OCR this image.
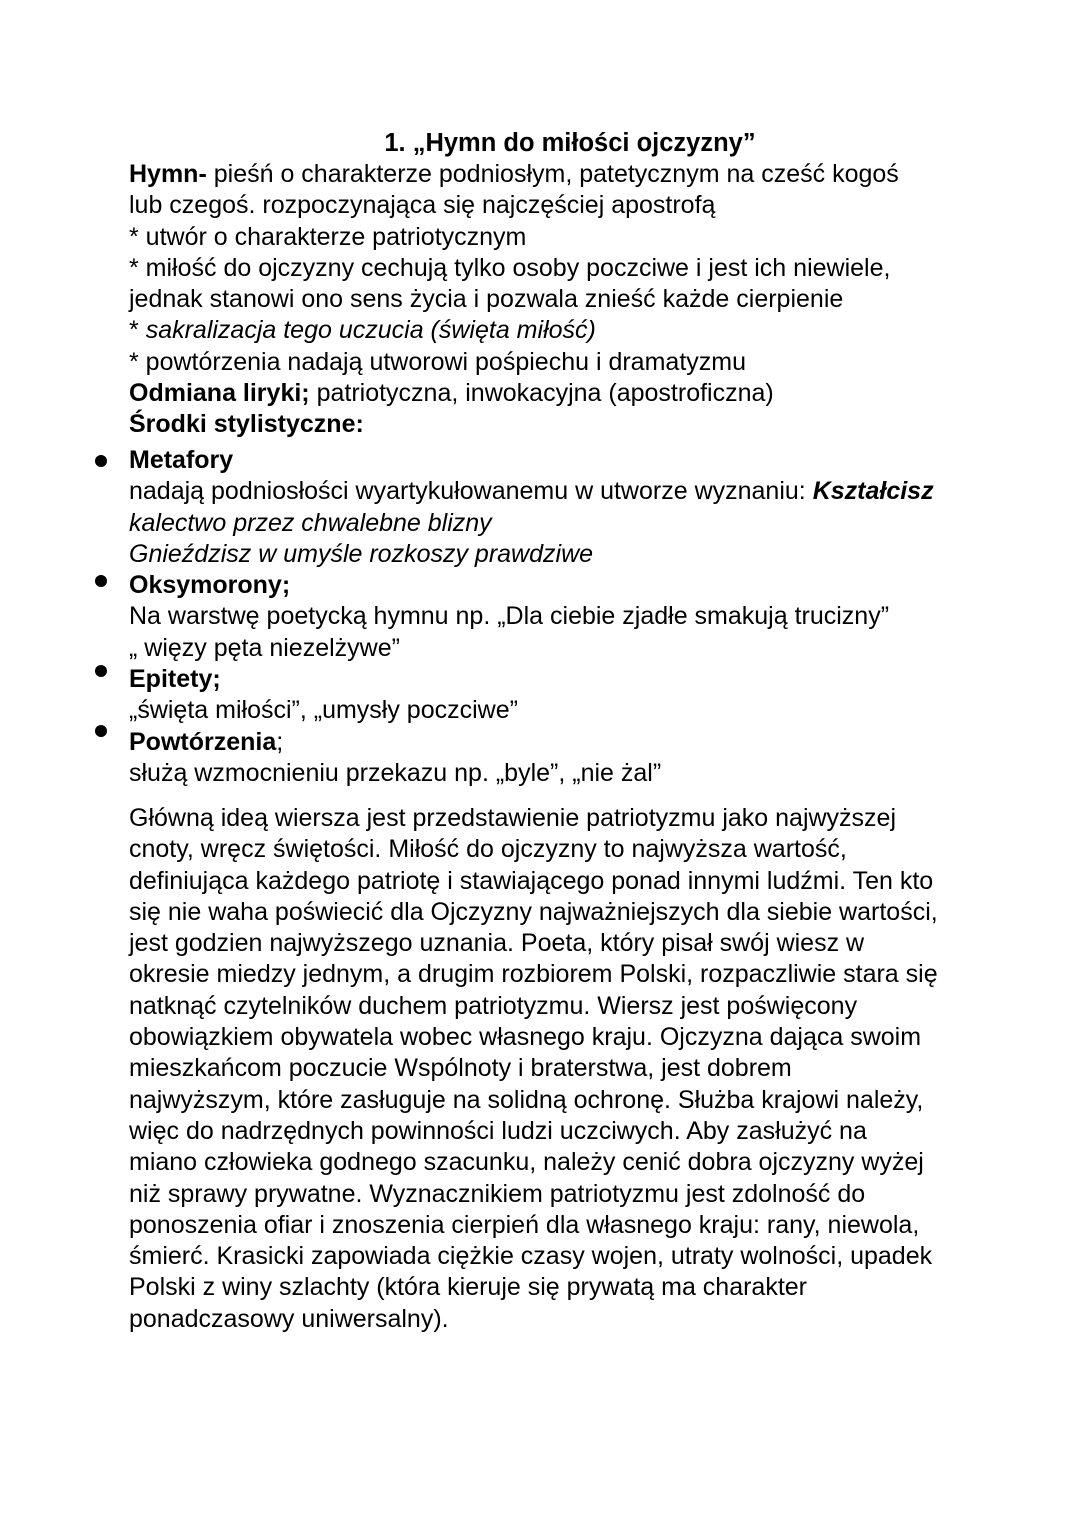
1. „Hymn do miłości ojczyzny”
Hymn- pieśń o charakterze podniosłym, patetycznym na cześć kogoś
lub czegoś. rozpoczynająca się najczęściej apostrofą
* utwór o charakterze patriotycznym
* miłość do ojczyzny cechują tylko osoby poczciwe i jest ich niewiele,
jednak stanowi ono sens życia i pozwala znieść każde cierpienie
* sakralizacja tego uczucia (święta miłość)
* powtórzenia nadają utworowi pośpiechu i dramatyzmu
Odmiana liryki; patriotyczna, inwokacyjna (apostroficzna)
Środki stylistyczne:
Metafory
nadają podniosłości wyartykułowanemu w utworze wyznaniu: Kształcisz
kalectwo przez chwalebne blizny
Gnieździsz w umyśle rozkoszy prawdziwe
Oksymorony;
Na warstwę poetycką hymnu np. „Dla ciebie zjadłe smakują trucizny”
„ więzy pęta niezelżywe”
Epitety;
„święta miłości”, „umysły poczciwe”
Powtórzenia;
służą wzmocnieniu przekazu np. „byle”, „nie żal”
Główną ideą wiersza jest przedstawienie patriotyzmu jako najwyższej
cnoty, wręcz świętości. Miłość do ojczyzny to najwyższa wartość,
definiująca każdego patriotę i stawiającego ponad innymi ludźmi. Ten kto
się nie waha poświecić dla Ojczyzny najważniejszych dla siebie wartości,
jest godzien najwyższego uznania. Poeta, który pisał swój wiesz w
okresie miedzy jednym, a drugim rozbiorem Polski, rozpaczliwie stara się
natknąć czytelników duchem patriotyzmu. Wiersz jest poświęcony
obowiązkiem obywatela wobec własnego kraju. Ojczyzna dająca swoim
mieszkańcom poczucie Wspólnoty i braterstwa, jest dobrem
najwyższym, które zasługuje na solidną ochronę. Służba krajowi należy,
więc do nadrzędnych powinności ludzi uczciwych. Aby zasłużyć na
miano człowieka godnego szacunku, należy cenić dobra ojczyzny wyżej
niż sprawy prywatne. Wyznacznikiem patriotyzmu jest zdolność do
ponoszenia ofiar i znoszenia cierpień dla własnego kraju: rany, niewola,
śmierć. Krasicki zapowiada ciężkie czasy wojen, utraty wolności, upadek
Polski z winy szlachty (która kieruje się prywatą ma charakter
ponadczasowy uniwersalny).
